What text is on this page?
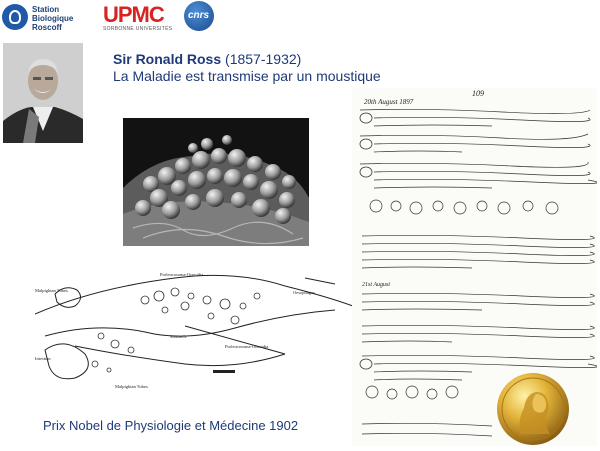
Station Biologique
Roscoff
UPMC
SORBONNE UNIVERSITÉS
cnrs
Sir Ronald Ross (1857-1932)
La Maladie est transmise par un moustique
Malpighian Tubes.
Proleucosoma-Ooecidia.
Oesophagus.
Stomach.
Intestine.
Proleucosoma-Ooecidia.
Malpighian Tubes.
109
20th August 1897
21st August
Prix Nobel de Physiologie et Médecine 1902
